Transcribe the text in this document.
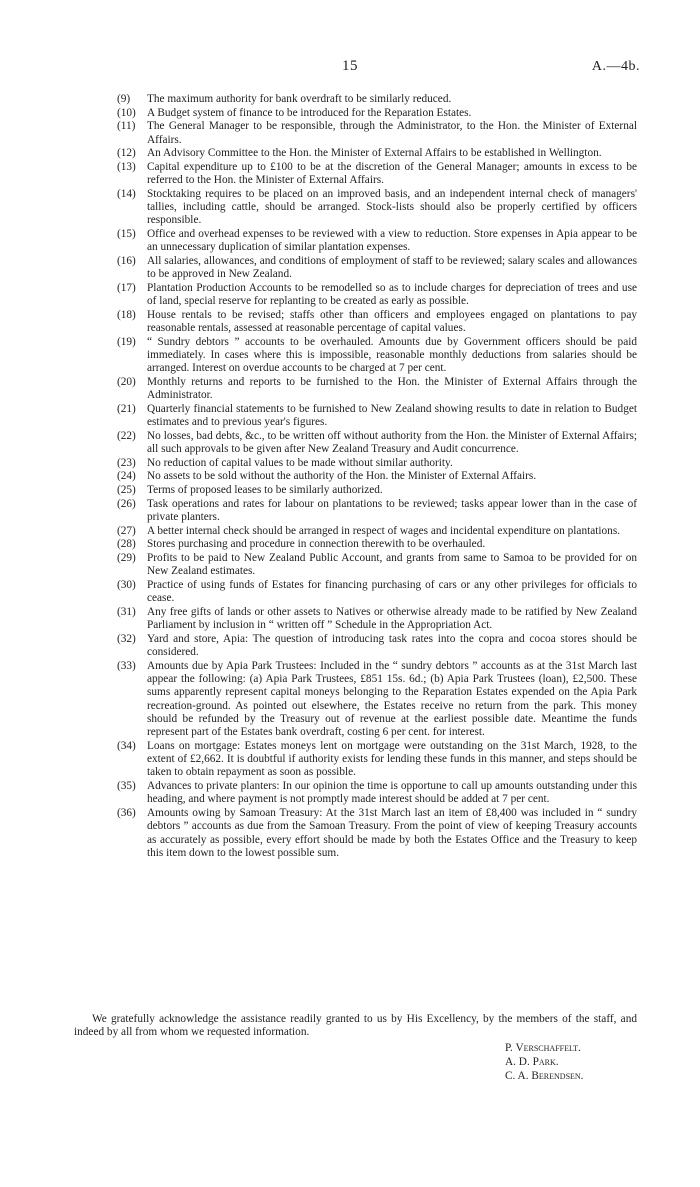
15	A.—4b.
(9)	The maximum authority for bank overdraft to be similarly reduced.
(10) A Budget system of finance to be introduced for the Reparation Estates.
(11)	The General Manager to be responsible, through the Administrator, to the Hon. the Minister of External Affairs.
(12) An Advisory Committee to the Hon. the Minister of External Affairs to be established in Wellington.
(13) Capital expenditure up to £100 to be at the discretion of the General Manager; amounts in excess to be referred to the Hon. the Minister of External Affairs.
(14) Stocktaking requires to be placed on an improved basis, and an independent internal check of managers' tallies, including cattle, should be arranged. Stock-lists should also be properly certified by officers responsible.
(15) Office and overhead expenses to be reviewed with a view to reduction. Store expenses in Apia appear to be an unnecessary duplication of similar plantation expenses.
(16) All salaries, allowances, and conditions of employment of staff to be reviewed; salary scales and allowances to be approved in New Zealand.
(17) Plantation Production Accounts to be remodelled so as to include charges for depreciation of trees and use of land, special reserve for replanting to be created as early as possible.
(18) House rentals to be revised; staffs other than officers and employees engaged on plantations to pay reasonable rentals, assessed at reasonable percentage of capital values.
(19) “ Sundry debtors ” accounts to be overhauled. Amounts due by Government officers should be paid immediately. In cases where this is impossible, reasonable monthly deductions from salaries should be arranged. Interest on overdue accounts to be charged at 7 per cent.
(20) Monthly returns and reports to be furnished to the Hon. the Minister of External Affairs through the Administrator.
(21) Quarterly financial statements to be furnished to New Zealand showing results to date in relation to Budget estimates and to previous year's figures.
(22) No losses, bad debts, &c., to be written off without authority from the Hon. the Minister of External Affairs; all such approvals to be given after New Zealand Treasury and Audit concurrence.
(23) No reduction of capital values to be made without similar authority.
(24) No assets to be sold without the authority of the Hon. the Minister of External Affairs.
(25) Terms of proposed leases to be similarly authorized.
(26) Task operations and rates for labour on plantations to be reviewed; tasks appear lower than in the case of private planters.
(27) A better internal check should be arranged in respect of wages and incidental expenditure on plantations.
(28) Stores purchasing and procedure in connection therewith to be overhauled.
(29) Profits to be paid to New Zealand Public Account, and grants from same to Samoa to be provided for on New Zealand estimates.
(30) Practice of using funds of Estates for financing purchasing of cars or any other privileges for officials to cease.
(31) Any free gifts of lands or other assets to Natives or otherwise already made to be ratified by New Zealand Parliament by inclusion in “ written off ” Schedule in the Appropriation Act.
(32) Yard and store, Apia: The question of introducing task rates into the copra and cocoa stores should be considered.
(33) Amounts due by Apia Park Trustees: Included in the “ sundry debtors ” accounts as at the 31st March last appear the following: (a) Apia Park Trustees, £851 15s. 6d.; (b) Apia Park Trustees (loan), £2,500. These sums apparently represent capital moneys belonging to the Reparation Estates expended on the Apia Park recreation-ground. As pointed out elsewhere, the Estates receive no return from the park. This money should be refunded by the Treasury out of revenue at the earliest possible date. Meantime the funds represent part of the Estates bank overdraft, costing 6 per cent. for interest.
(34) Loans on mortgage: Estates moneys lent on mortgage were outstanding on the 31st March, 1928, to the extent of £2,662. It is doubtful if authority exists for lending these funds in this manner, and steps should be taken to obtain repayment as soon as possible.
(35) Advances to private planters: In our opinion the time is opportune to call up amounts outstanding under this heading, and where payment is not promptly made interest should be added at 7 per cent.
(36) Amounts owing by Samoan Treasury: At the 31st March last an item of £8,400 was included in “ sundry debtors ” accounts as due from the Samoan Treasury. From the point of view of keeping Treasury accounts as accurately as possible, every effort should be made by both the Estates Office and the Treasury to keep this item down to the lowest possible sum.
We gratefully acknowledge the assistance readily granted to us by His Excellency, by the members of the staff, and indeed by all from whom we requested information.
P. Verschaffelt.
A. D. Park.
C. A. Berendsen.
